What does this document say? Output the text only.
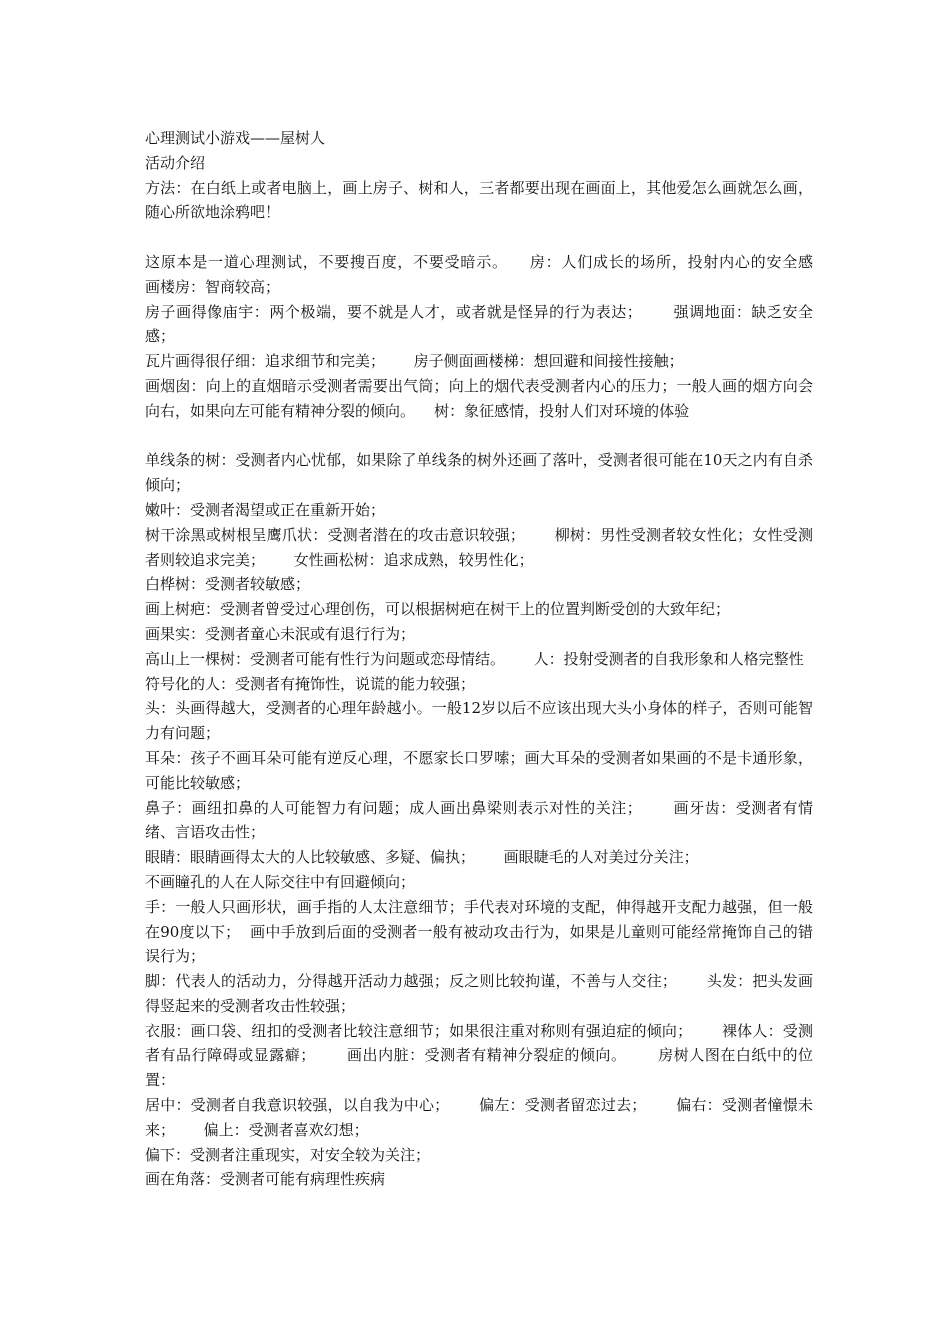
心理测试小游戏——屋树人

活动介绍

方法：在白纸上或者电脑上，画上房子、树和人，三者都要出现在画面上，其他爱怎么画就怎么画，随心所欲地涂鸦吧！

这原本是一道心理测试，不要搜百度，不要受暗示。    房：人们成长的场所，投射内心的安全感      画楼房：智商较高；

房子画得像庙宇：两个极端，要不就是人才，或者就是怪异的行为表达；      强调地面：缺乏安全感；

瓦片画得很仔细：追求细节和完美；      房子侧面画楼梯：想回避和间接性接触；

画烟囱：向上的直烟暗示受测者需要出气筒；向上的烟代表受测者内心的压力；一般人画的烟方向会向右，如果向左可能有精神分裂的倾向。    树：象征感情，投射人们对环境的体验

单线条的树：受测者内心忧郁，如果除了单线条的树外还画了落叶，受测者很可能在10天之内有自杀倾向；

嫩叶：受测者渴望或正在重新开始；

树干涂黑或树根呈鹰爪状：受测者潜在的攻击意识较强；      柳树：男性受测者较女性化；女性受测者则较追求完美；      女性画松树：追求成熟，较男性化；

白桦树：受测者较敏感；

画上树疤：受测者曾受过心理创伤，可以根据树疤在树干上的位置判断受创的大致年纪；

画果实：受测者童心未泯或有退行行为；

高山上一棵树：受测者可能有性行为问题或恋母情结。      人：投射受测者的自我形象和人格完整性

符号化的人：受测者有掩饰性，说谎的能力较强；

头：头画得越大，受测者的心理年龄越小。一般12岁以后不应该出现大头小身体的样子，否则可能智力有问题；

耳朵：孩子不画耳朵可能有逆反心理，不愿家长口罗嗦；画大耳朵的受测者如果画的不是卡通形象，可能比较敏感；

鼻子：画纽扣鼻的人可能智力有问题；成人画出鼻梁则表示对性的关注；      画牙齿：受测者有情绪、言语攻击性；

眼睛：眼睛画得太大的人比较敏感、多疑、偏执；      画眼睫毛的人对美过分关注；

不画瞳孔的人在人际交往中有回避倾向；

手：一般人只画形状，画手指的人太注意细节；手代表对环境的支配，伸得越开支配力越强，但一般在90度以下；  画中手放到后面的受测者一般有被动攻击行为，如果是儿童则可能经常掩饰自己的错误行为；

脚：代表人的活动力，分得越开活动力越强；反之则比较拘谨，不善与人交往；      头发：把头发画得竖起来的受测者攻击性较强；

衣服：画口袋、纽扣的受测者比较注意细节；如果很注重对称则有强迫症的倾向；      裸体人：受测者有品行障碍或显露癖；      画出内脏：受测者有精神分裂症的倾向。      房树人图在白纸中的位置：

居中：受测者自我意识较强，以自我为中心；      偏左：受测者留恋过去；      偏右：受测者憧憬未来；      偏上：受测者喜欢幻想；

偏下：受测者注重现实，对安全较为关注；

画在角落：受测者可能有病理性疾病
